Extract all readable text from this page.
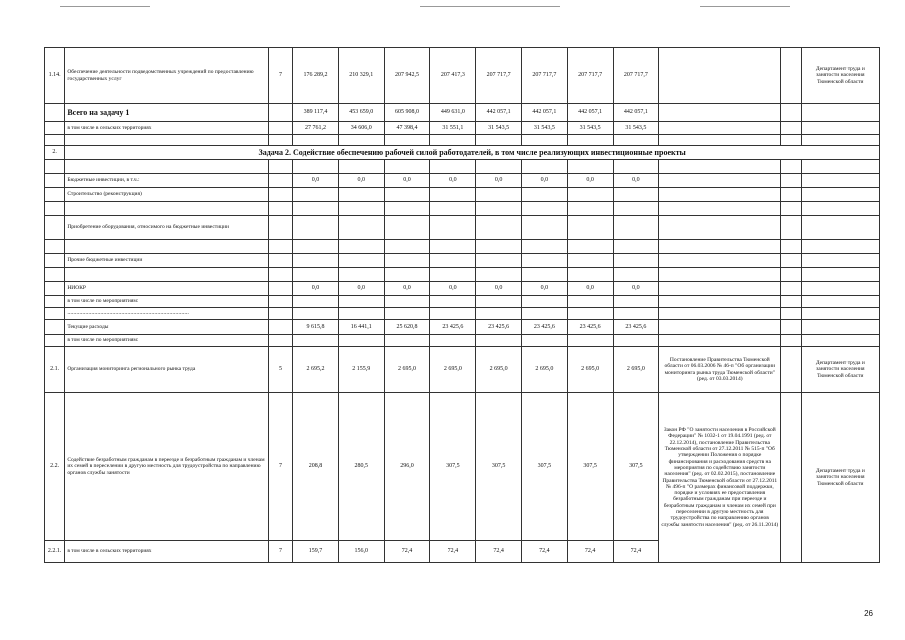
1.14.	Обеспечение деятельности подведомственных учреждений по предоставлению государственных услуг	7	176 289,2	210 329,1	207 942,5	207 417,3	207 717,7	207 717,7	207 717,7	207 717,7			Департамент труда и занятости населения Тюменской области
	Всего на задачу 1		389 117,4	453 659,0	605 908,0	449 631,0	442 057,1	442 057,1	442 057,1	442 057,1			
	в том числе в сельских территориях		27 761,2	34 606,0	47 398,4	31 551,1	31 543,5	31 543,5	31 543,5	31 543,5			

2.	Задача 2. Содействие обеспечению рабочей силой работодателей, в том числе реализующих инвестиционные проекты												

	Бюджетные инвестиции, в т.ч.:		0,0	0,0	0,0	0,0	0,0	0,0	0,0	0,0			
	Строительство (реконструкция)												

	Приобретение оборудования, относимого на бюджетные инвестиции												

	Прочие бюджетные инвестиции												

	НИОКР		0,0	0,0	0,0	0,0	0,0	0,0	0,0	0,0			
	в том числе по мероприятиям:												
	.................................................................................												
	Текущие расходы		9 615,8	16 441,1	25 620,8	23 425,6	23 425,6	23 425,6	23 425,6	23 425,6			
	в том числе по мероприятиям:												
2.1.	Организация мониторинга регионального рынка труда	5	2 695,2	2 155,9	2 695,0	2 695,0	2 695,0	2 695,0	2 695,0	2 695,0	Постановление Правительства Тюменской области от 06.03.2006 № 46-п "Об организации мониторинга рынка труда Тюменской области" (ред. от 03.03.2014)		Департамент труда и занятости населения Тюменской области
2.2.	Содействие безработным гражданам в переезде и безработным гражданам и членам их семей в переселении в другую местность для трудоустройства по направлению органов службы занятости	7	208,8	280,5	296,0	307,5	307,5	307,5	307,5	307,5	Закон РФ "О занятости населения в Российской Федерации" № 1032-1 от 19.04.1991 (ред. от 22.12.2014), постановление Правительства Тюменской области от 27.12.2011 № 515-п "Об утверждении Положения о порядке финансирования и расходования средств на мероприятия по содействию занятости населения" (ред. от 02.02.2015), постановление Правительства Тюменской области от 27.12.2011 № 496-п "О размерах финансовой поддержки, порядке и условиях ее предоставления безработным гражданам при переезде и безработным гражданам и членам их семей при переселении в другую местность для трудоустройства по направлению органов службы занятости населения" (ред. от 26.11.2014)		Департамент труда и занятости населения Тюменской области
2.2.1.	в том числе в сельских территориях	7	159,7	156,0	72,4	72,4	72,4	72,4	72,4	72,4			
26
